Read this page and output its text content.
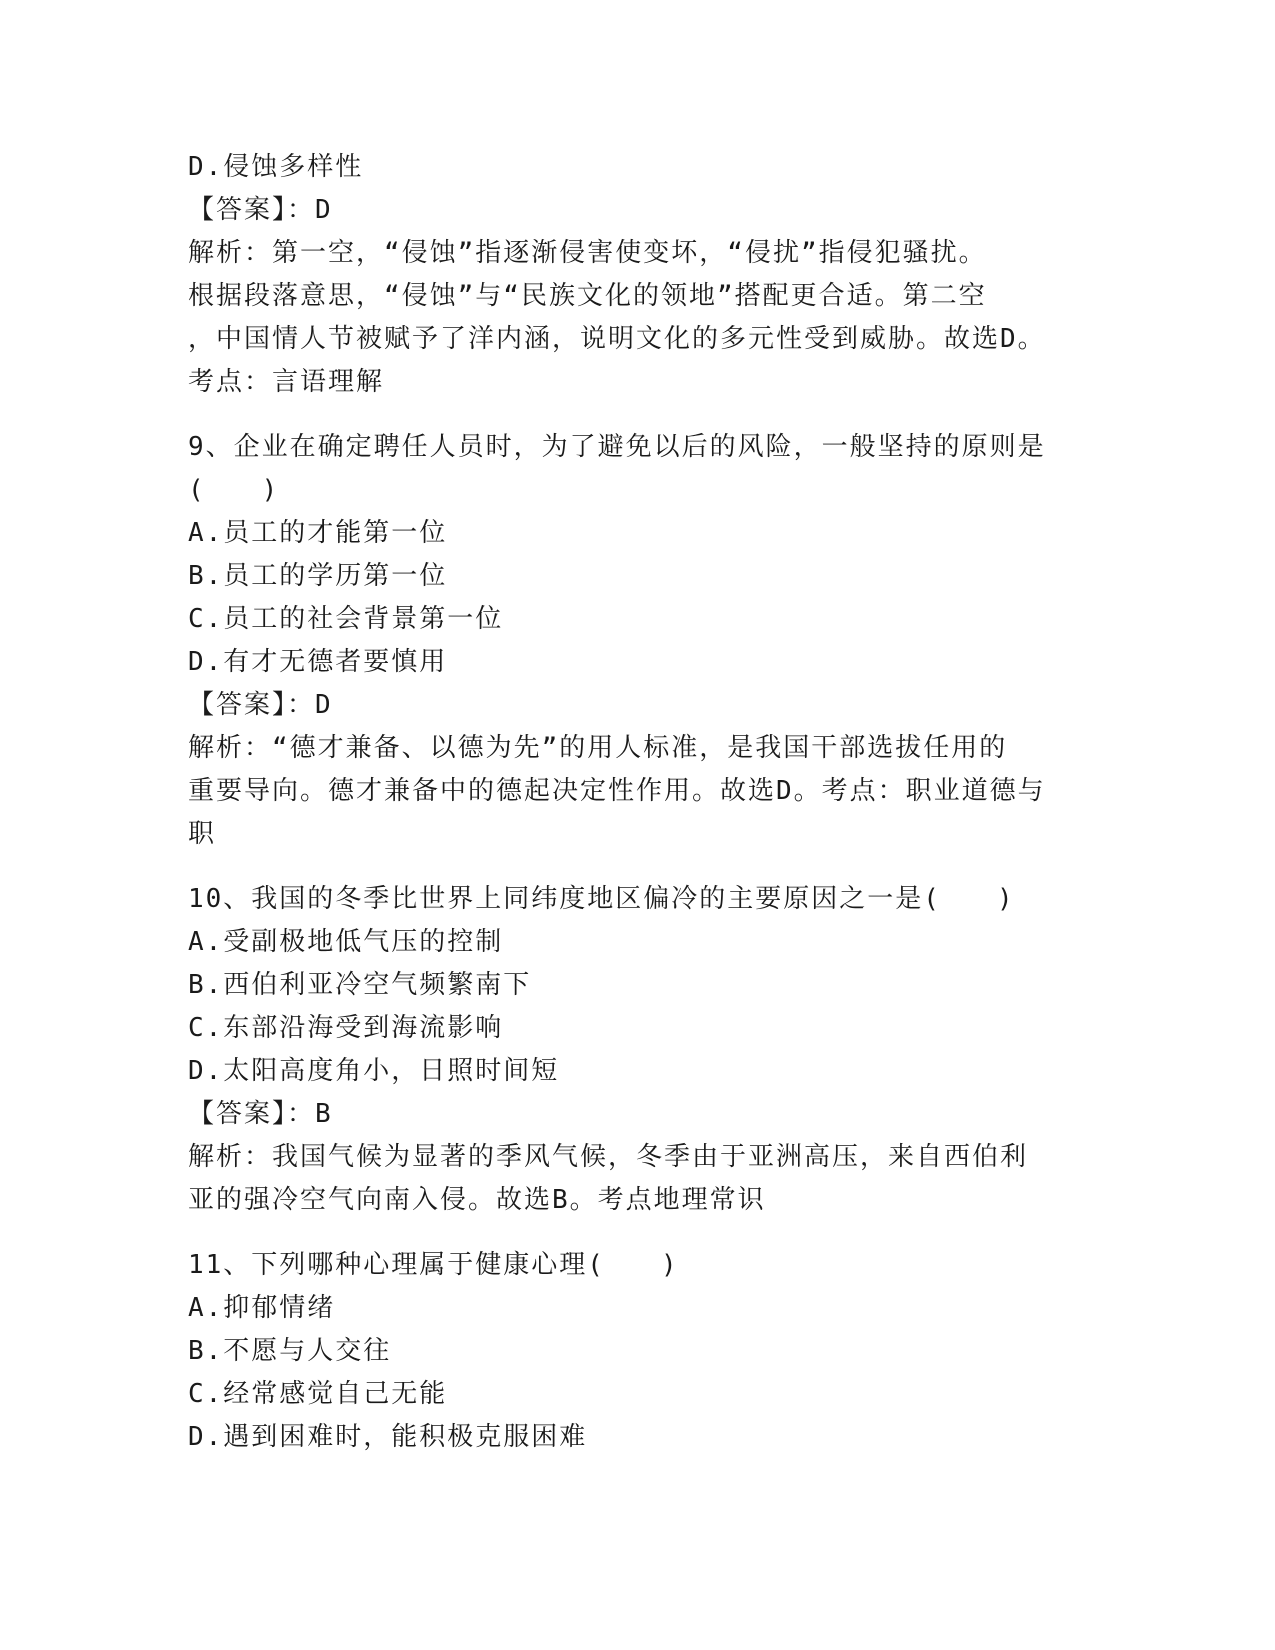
D.侵蚀多样性
【答案】：D
解析：第一空，“侵蚀”指逐渐侵害使变坏，“侵扰”指侵犯骚扰。
根据段落意思，“侵蚀”与“民族文化的领地”搭配更合适。第二空
，中国情人节被赋予了洋内涵，说明文化的多元性受到威胁。故选D。
考点：言语理解
9、企业在确定聘任人员时，为了避免以后的风险，一般坚持的原则是
(　　)
A.员工的才能第一位
B.员工的学历第一位
C.员工的社会背景第一位
D.有才无德者要慎用
【答案】：D
解析：“德才兼备、以德为先”的用人标准，是我国干部选拔任用的
重要导向。德才兼备中的德起决定性作用。故选D。考点：职业道德与
职
10、我国的冬季比世界上同纬度地区偏冷的主要原因之一是(　　)
A.受副极地低气压的控制
B.西伯利亚冷空气频繁南下
C.东部沿海受到海流影响
D.太阳高度角小，日照时间短
【答案】：B
解析：我国气候为显著的季风气候，冬季由于亚洲高压，来自西伯利
亚的强冷空气向南入侵。故选B。考点地理常识
11、下列哪种心理属于健康心理(　　)
A.抑郁情绪
B.不愿与人交往
C.经常感觉自己无能
D.遇到困难时，能积极克服困难
